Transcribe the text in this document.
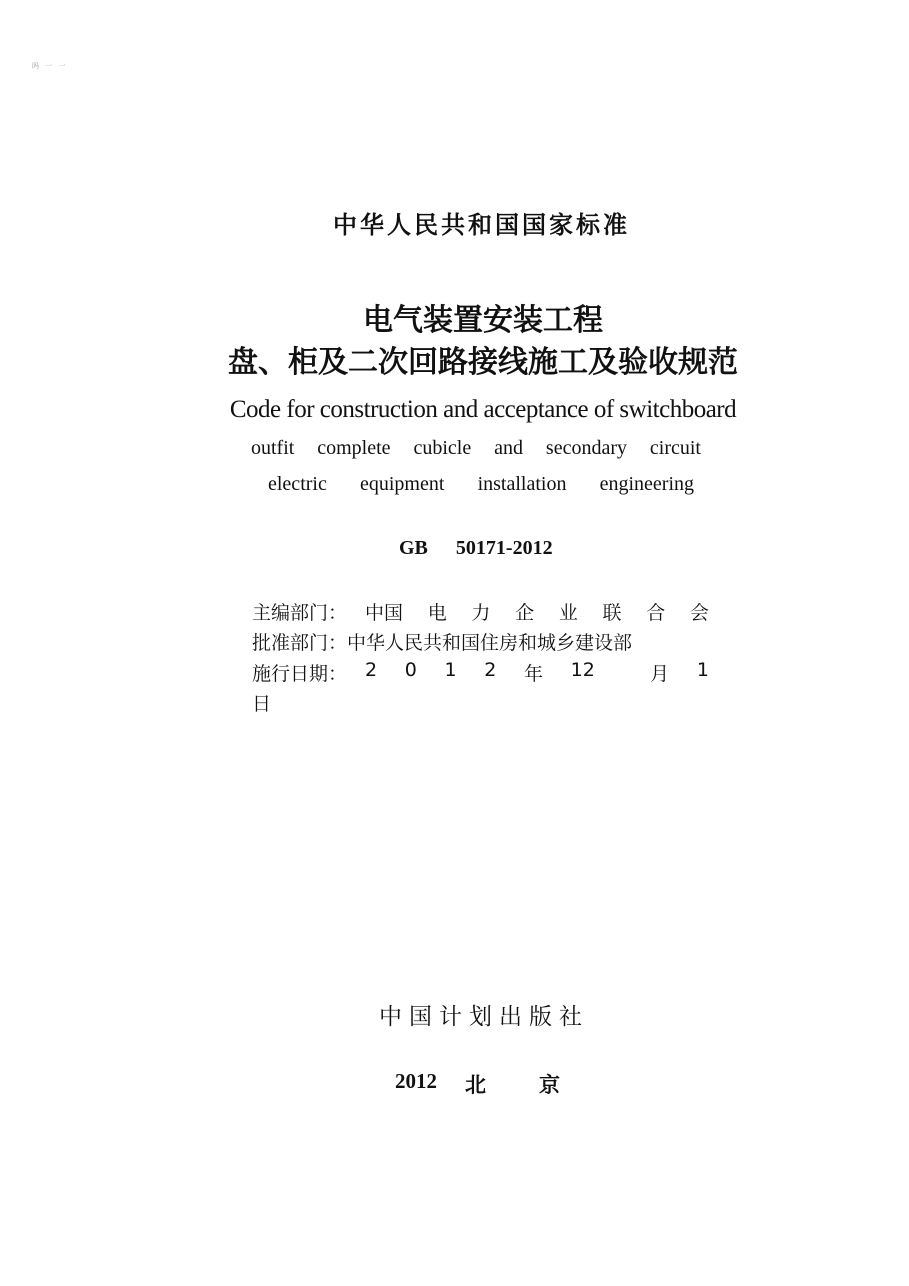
吗 一 一
中华人民共和国国家标准
电气装置安装工程
盘、柜及二次回路接线施工及验收规范
Code for construction and acceptance of switchboard
outfit complete cubicle and secondary circuit
electric equipment installation engineering
GB 50171-2012
主编部门： 中国 电 力 企 业 联 合 会
批准部门： 中华人民共和国住房和城乡建设部
施行日期： 2 0 1 2 年 12	月 1
日
中国计划出版社
2012 北	京
